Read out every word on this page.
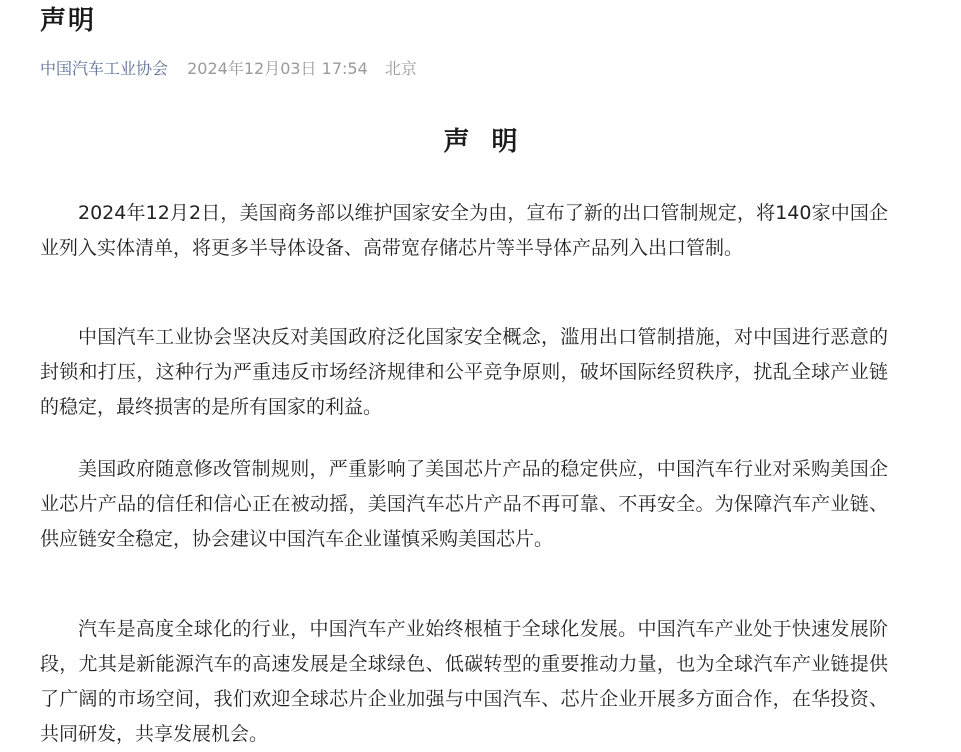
声明
中国汽车工业协会 2024年12月03日 17:54 北京
声明

2024年12月2日，美国商务部以维护国家安全为由，宣布了新的出口管制规定，将140家中国企业列入实体清单，将更多半导体设备、高带宽存储芯片等半导体产品列入出口管制。

中国汽车工业协会坚决反对美国政府泛化国家安全概念，滥用出口管制措施，对中国进行恶意的封锁和打压，这种行为严重违反市场经济规律和公平竞争原则，破坏国际经贸秩序，扰乱全球产业链的稳定，最终损害的是所有国家的利益。

美国政府随意修改管制规则，严重影响了美国芯片产品的稳定供应，中国汽车行业对采购美国企业芯片产品的信任和信心正在被动摇，美国汽车芯片产品不再可靠、不再安全。为保障汽车产业链、供应链安全稳定，协会建议中国汽车企业谨慎采购美国芯片。

汽车是高度全球化的行业，中国汽车产业始终根植于全球化发展。中国汽车产业处于快速发展阶段，尤其是新能源汽车的高速发展是全球绿色、低碳转型的重要推动力量，也为全球汽车产业链提供了广阔的市场空间，我们欢迎全球芯片企业加强与中国汽车、芯片企业开展多方面合作，在华投资、共同研发，共享发展机会。
